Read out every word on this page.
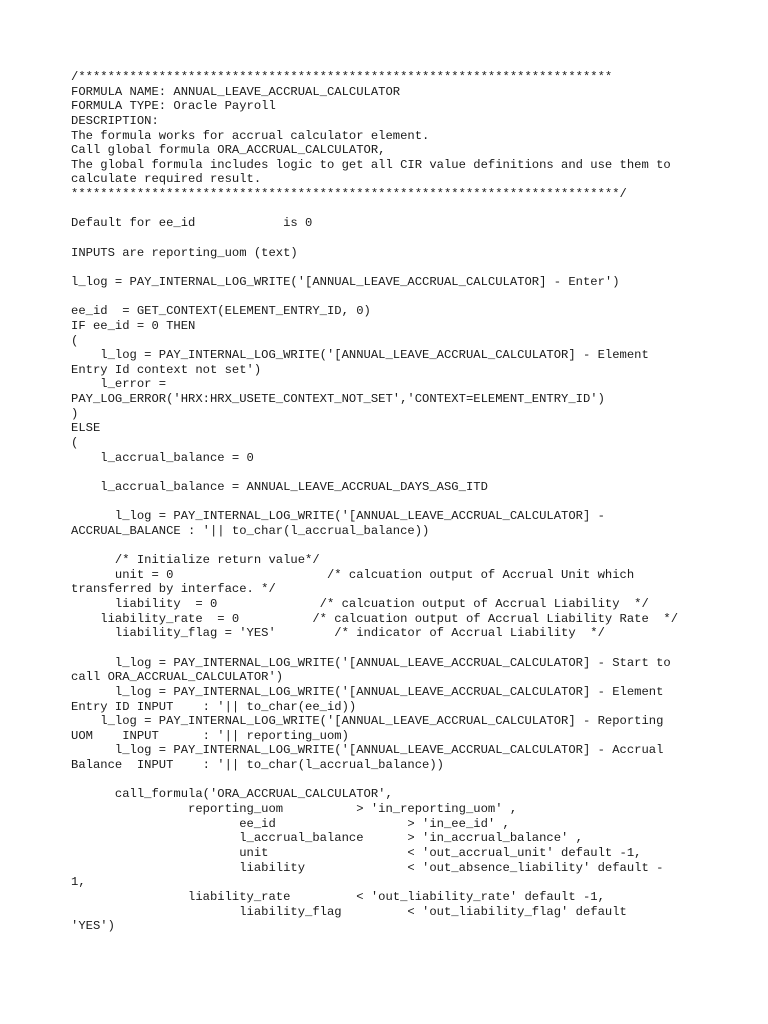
/*************************************************************************
FORMULA NAME: ANNUAL_LEAVE_ACCRUAL_CALCULATOR
FORMULA TYPE: Oracle Payroll
DESCRIPTION:
The formula works for accrual calculator element.
Call global formula ORA_ACCRUAL_CALCULATOR,
The global formula includes logic to get all CIR value definitions and use them to
calculate required result.
***************************************************************************/
Default for ee_id            is 0
INPUTS are reporting_uom (text)
l_log = PAY_INTERNAL_LOG_WRITE('[ANNUAL_LEAVE_ACCRUAL_CALCULATOR] - Enter')
ee_id  = GET_CONTEXT(ELEMENT_ENTRY_ID, 0)
IF ee_id = 0 THEN
(
l_log = PAY_INTERNAL_LOG_WRITE('[ANNUAL_LEAVE_ACCRUAL_CALCULATOR] - Element
Entry Id context not set')
l_error =
PAY_LOG_ERROR('HRX:HRX_USETE_CONTEXT_NOT_SET','CONTEXT=ELEMENT_ENTRY_ID')
)
ELSE
(
l_accrual_balance = 0
l_accrual_balance = ANNUAL_LEAVE_ACCRUAL_DAYS_ASG_ITD
l_log = PAY_INTERNAL_LOG_WRITE('[ANNUAL_LEAVE_ACCRUAL_CALCULATOR] -
ACCRUAL_BALANCE : '|| to_char(l_accrual_balance))
/* Initialize return value*/
unit = 0                     /* calcuation output of Accrual Unit which
transferred by interface. */
liability  = 0              /* calcuation output of Accrual Liability  */
liability_rate  = 0          /* calcuation output of Accrual Liability Rate  */
liability_flag = 'YES'        /* indicator of Accrual Liability  */
l_log = PAY_INTERNAL_LOG_WRITE('[ANNUAL_LEAVE_ACCRUAL_CALCULATOR] - Start to
call ORA_ACCRUAL_CALCULATOR')
l_log = PAY_INTERNAL_LOG_WRITE('[ANNUAL_LEAVE_ACCRUAL_CALCULATOR] - Element
Entry ID INPUT    : '|| to_char(ee_id))
l_log = PAY_INTERNAL_LOG_WRITE('[ANNUAL_LEAVE_ACCRUAL_CALCULATOR] - Reporting
UOM    INPUT      : '|| reporting_uom)
l_log = PAY_INTERNAL_LOG_WRITE('[ANNUAL_LEAVE_ACCRUAL_CALCULATOR] - Accrual
Balance  INPUT    : '|| to_char(l_accrual_balance))
call_formula('ORA_ACCRUAL_CALCULATOR',
reporting_uom          > 'in_reporting_uom' ,
ee_id                  > 'in_ee_id' ,
l_accrual_balance      > 'in_accrual_balance' ,
unit                   < 'out_accrual_unit' default -1,
liability              < 'out_absence_liability' default -
1,
liability_rate         < 'out_liability_rate' default -1,
liability_flag         < 'out_liability_flag' default
'YES')
